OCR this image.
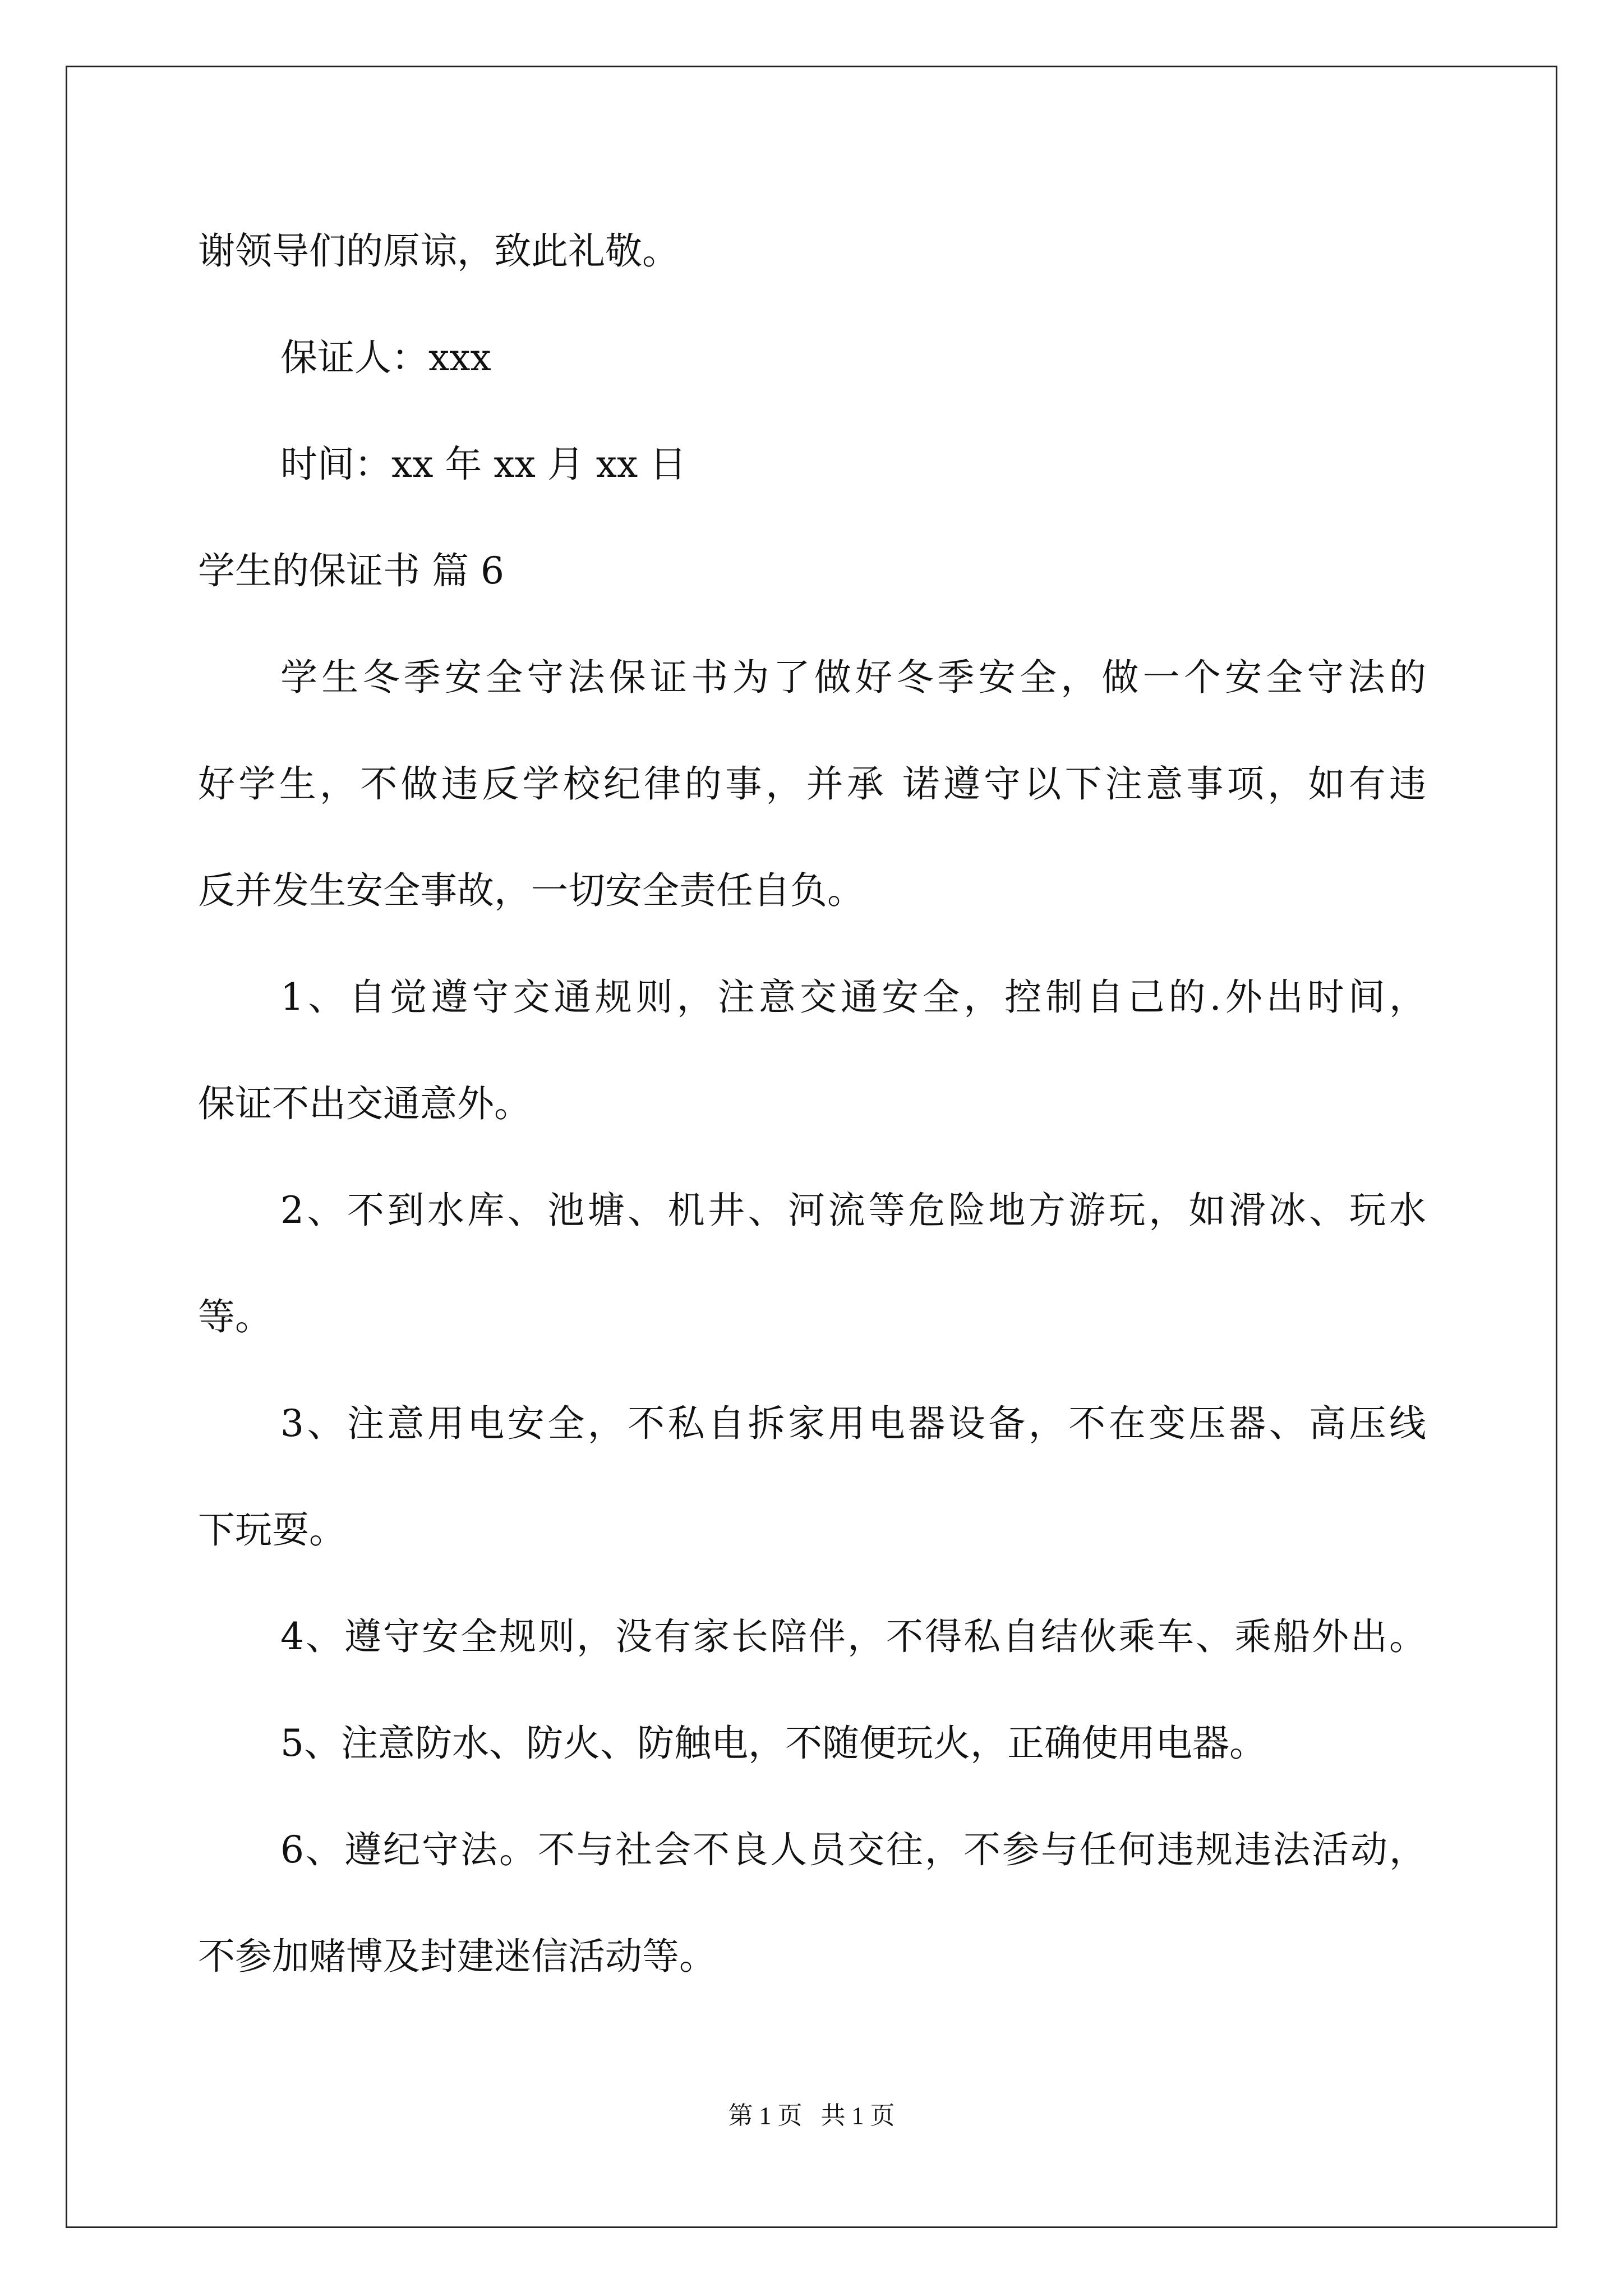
谢领导们的原谅，致此礼敬。
保证人：xxx
时间：xx 年 xx 月 xx 日
学生的保证书 篇 6
学生冬季安全守法保证书为了做好冬季安全，做一个安全守法的
好学生，不做违反学校纪律的事，并承 诺遵守以下注意事项，如有违
反并发生安全事故，一切安全责任自负。
1、自觉遵守交通规则，注意交通安全，控制自己的.外出时间，
保证不出交通意外。
2、不到水库、池塘、机井、河流等危险地方游玩，如滑冰、玩水
等。
3、注意用电安全，不私自拆家用电器设备，不在变压器、高压线
下玩耍。
4、遵守安全规则，没有家长陪伴，不得私自结伙乘车、乘船外出。
5、注意防水、防火、防触电，不随便玩火，正确使用电器。
6、遵纪守法。不与社会不良人员交往，不参与任何违规违法活动，
不参加赌博及封建迷信活动等。
第 1 页   共 1 页
